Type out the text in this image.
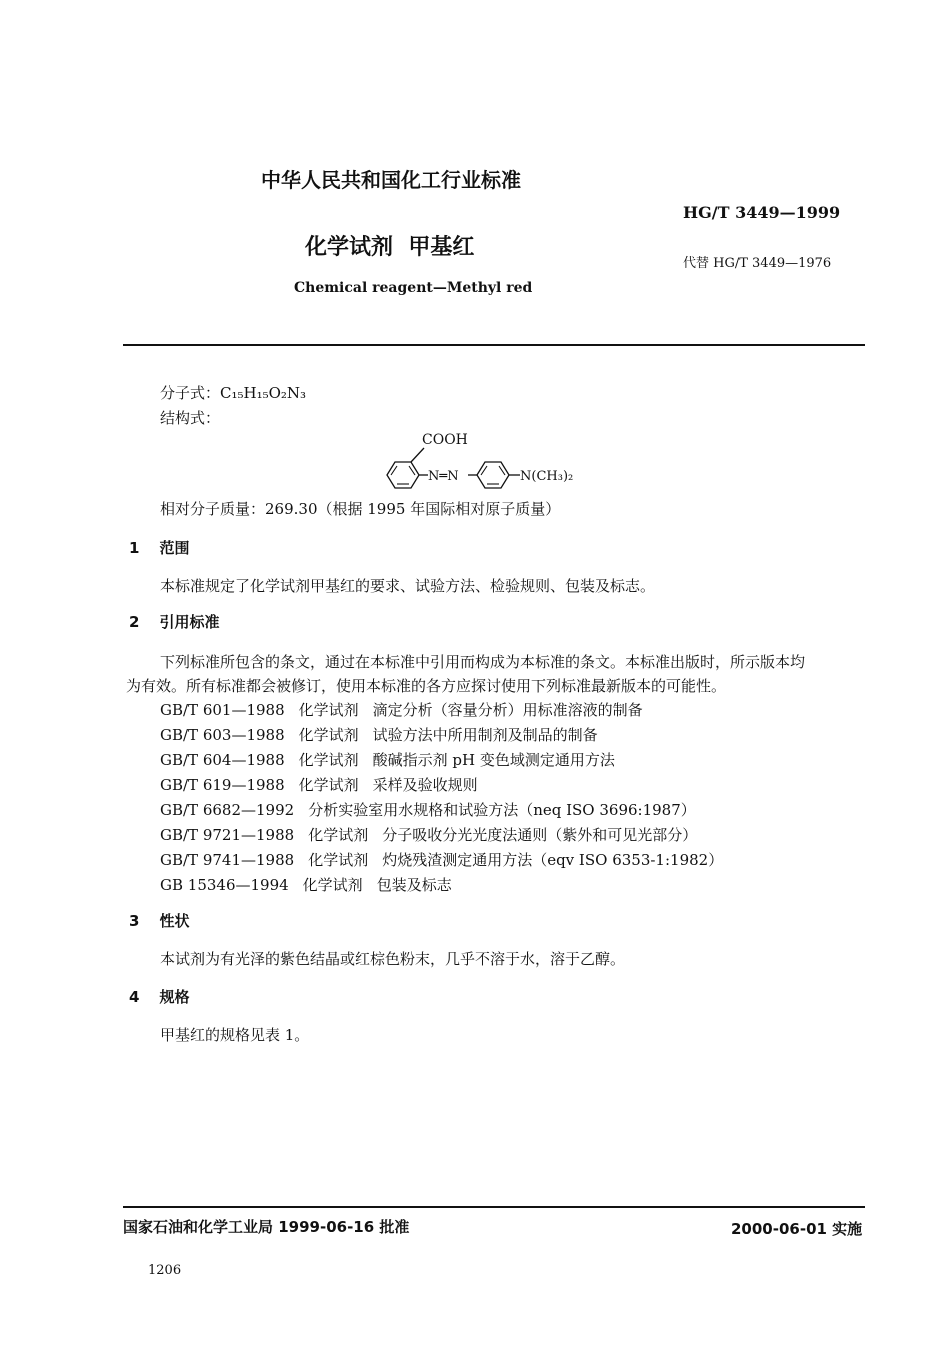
中华人民共和国化工行业标准
HG/T 3449—1999
化学试剂  甲基红
代替 HG/T 3449—1976
Chemical reagent—Methyl red
分子式：C₁₅H₁₅O₂N₃
结构式：
COOH
N═N	N(CH₃)₂
相对分子质量：269.30（根据 1995 年国际相对原子质量）
1 范围
本标准规定了化学试剂甲基红的要求、试验方法、检验规则、包装及标志。
2 引用标准
下列标准所包含的条文，通过在本标准中引用而构成为本标准的条文。本标准出版时，所示版本均
为有效。所有标准都会被修订，使用本标准的各方应探讨使用下列标准最新版本的可能性。
GB/T 601—1988 化学试剂 滴定分析（容量分析）用标准溶液的制备
GB/T 603—1988 化学试剂 试验方法中所用制剂及制品的制备
GB/T 604—1988 化学试剂 酸碱指示剂 pH 变色域测定通用方法
GB/T 619—1988 化学试剂 采样及验收规则
GB/T 6682—1992 分析实验室用水规格和试验方法（neq ISO 3696:1987）
GB/T 9721—1988 化学试剂 分子吸收分光光度法通则（紫外和可见光部分）
GB/T 9741—1988 化学试剂 灼烧残渣测定通用方法（eqv ISO 6353-1:1982）
GB 15346—1994 化学试剂 包装及标志
3 性状
本试剂为有光泽的紫色结晶或红棕色粉末，几乎不溶于水，溶于乙醇。
4 规格
甲基红的规格见表 1。
国家石油和化学工业局 1999-06-16 批准	2000-06-01 实施
1206
